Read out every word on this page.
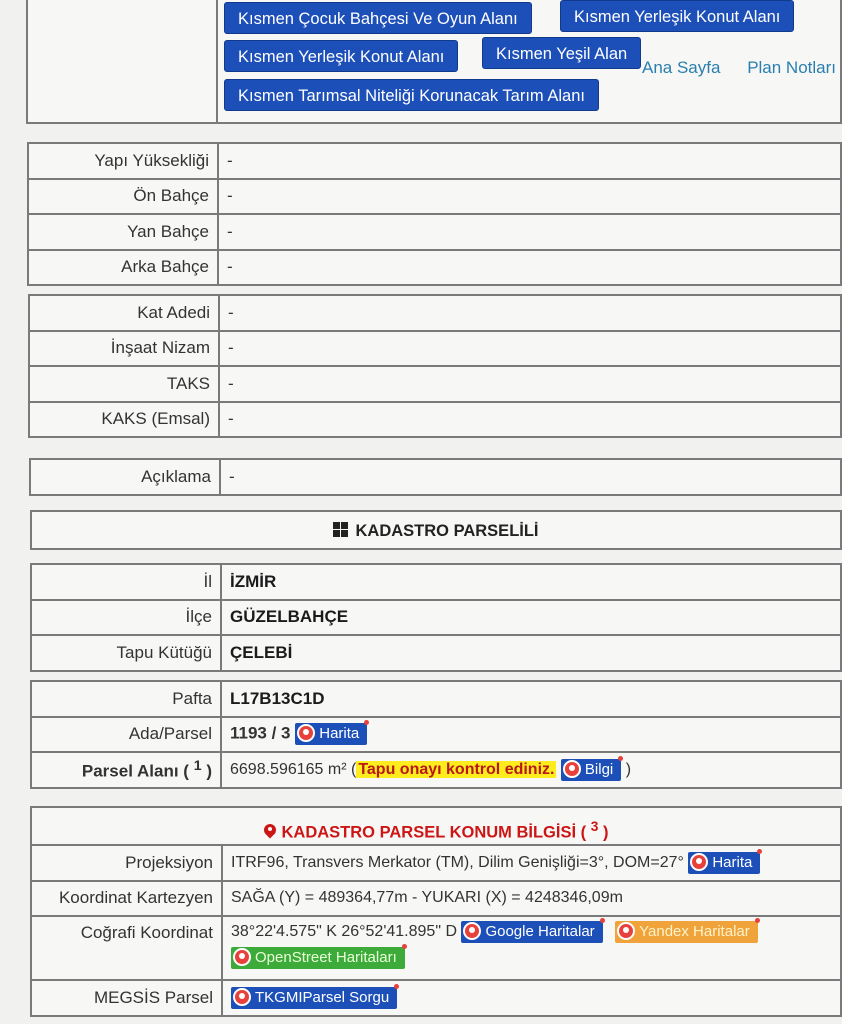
Kısmen Çocuk Bahçesi Ve Oyun Alanı	Kısmen Yerleşik Konut Alanı
Kısmen Yerleşik Konut Alanı	Kısmen Yeşil Alan
Kısmen Tarımsal Niteliği Korunacak Tarım Alanı
Ana Sayfa Plan Notları
Yapı Yüksekliği	-
Ön Bahçe	-
Yan Bahçe	-
Arka Bahçe	-
Kat Adedi	-
İnşaat Nizam	-
TAKS	-
KAKS (Emsal)	-
Açıklama	-
KADASTRO PARSELİLİ
İl	İZMİR
İlçe	GÜZELBAHÇE
Tapu Kütüğü	ÇELEBİ
Pafta	L17B13C1D
Ada/Parsel	1193 / 3 Harita

Parsel Alanı ( $^1$ )	6698.596165 m² ( Tapu onayı kontrol ediniz. Bilgi )
KADASTRO PARSEL KONUM BİLGİSİ ( $^3$ )
Projeksiyon	ITRF96, Transvers Merkator (TM), Dilim Genişliği=3°, DOM=27° Harita

Koordinat Kartezyen	SAĞA (Y) = 489364,77m - YUKARI (X) = 4248346,09m
Coğrafi Koordinat	38°22'4.575" K 26°52'41.895" D Google Haritalar Yandex Haritalar
OpenStreet Haritaları

MEGSİS Parsel	TKGMIParsel Sorgu
